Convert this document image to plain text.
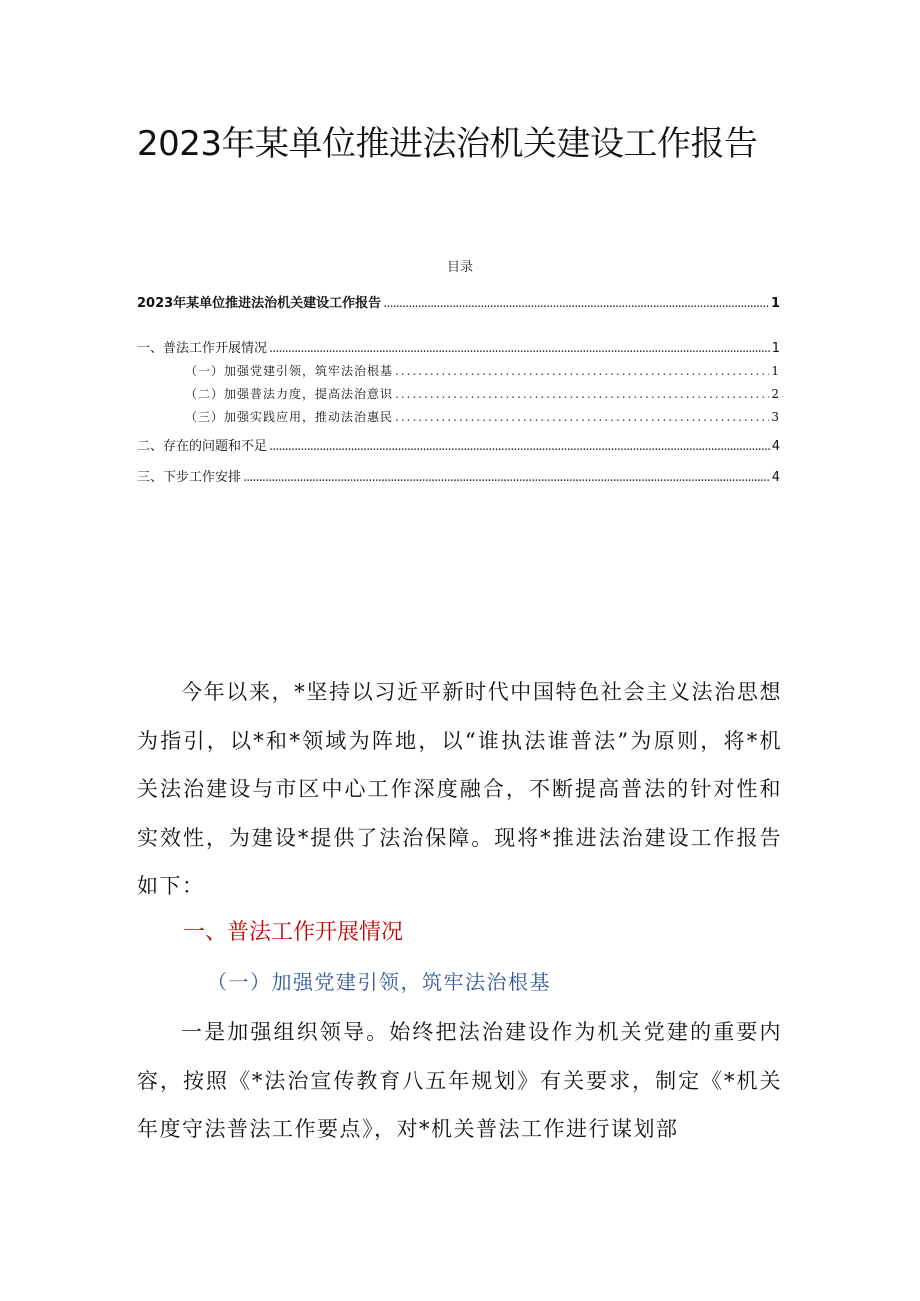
2023年某单位推进法治机关建设工作报告
目录
2023年某单位推进法治机关建设工作报告 .....	1
一、普法工作开展情况 .....	1
（一）加强党建引领，筑牢法治根基 .....	1
（二）加强普法力度，提高法治意识 .....	2
（三）加强实践应用，推动法治惠民 .....	3
二、存在的问题和不足 .....	4
三、下步工作安排 .....	4
今年以来，*坚持以习近平新时代中国特色社会主义法治思想为指引，以*和*领域为阵地，以“谁执法谁普法”为原则，将*机关法治建设与市区中心工作深度融合，不断提高普法的针对性和实效性，为建设*提供了法治保障。现将*推进法治建设工作报告如下：
一、普法工作开展情况
（一）加强党建引领，筑牢法治根基
一是加强组织领导。始终把法治建设作为机关党建的重要内容，按照《*法治宣传教育八五年规划》有关要求，制定《*机关年度守法普法工作要点》，对*机关普法工作进行谋划部
